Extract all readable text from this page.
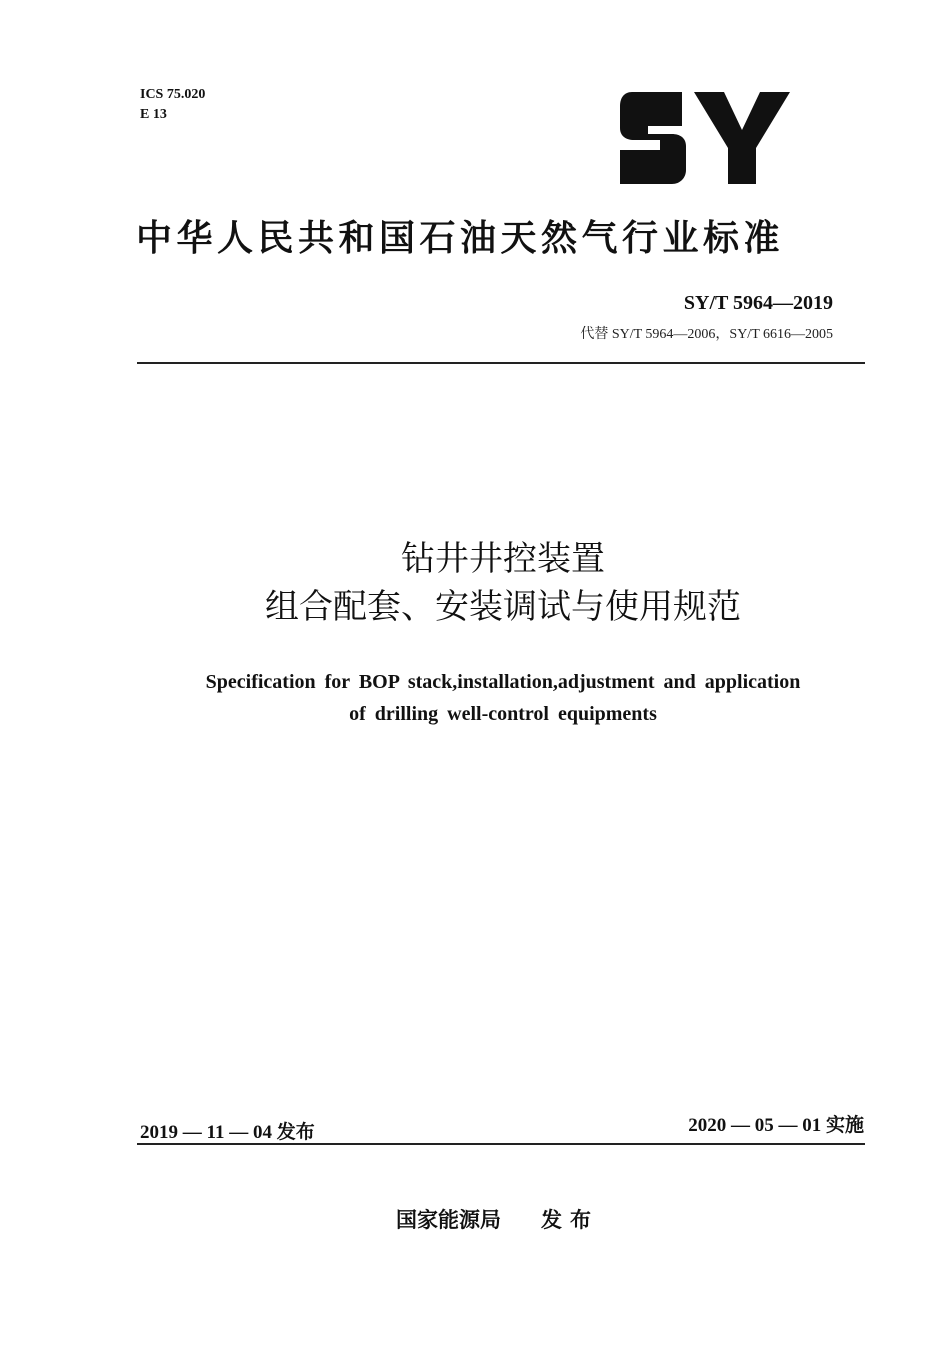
ICS 75.020
E 13
中华人民共和国石油天然气行业标准
SY/T 5964—2019
代替 SY/T 5964—2006，SY/T 6616—2005
钻井井控装置
组合配套、安装调试与使用规范
Specification for BOP stack,installation,adjustment and application
of drilling well-control equipments
2019 — 11 — 04 发布	2020 — 05 — 01 实施
国家能源局 发布
